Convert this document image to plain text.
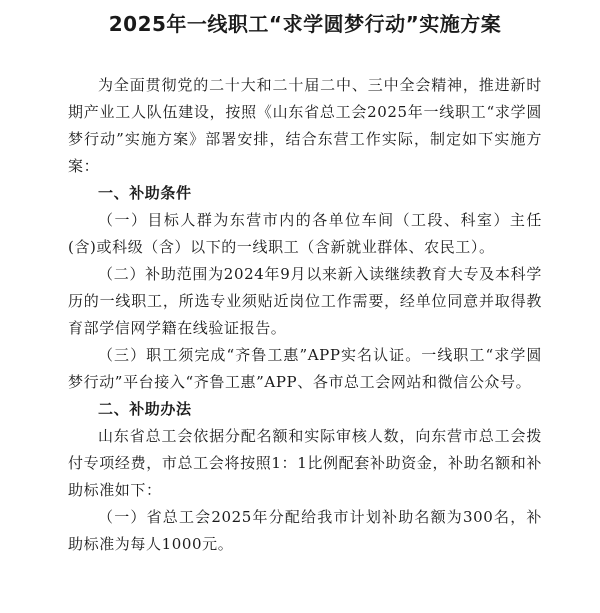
2025年一线职工“求学圆梦行动”实施方案

为全面贯彻党的二十大和二十届二中、三中全会精神，推进新时期产业工人队伍建设，按照《山东省总工会2025年一线职工“求学圆梦行动”实施方案》部署安排，结合东营工作实际，制定如下实施方案：

一、补助条件

（一）目标人群为东营市内的各单位车间（工段、科室）主任(含)或科级（含）以下的一线职工（含新就业群体、农民工）。

（二）补助范围为2024年9月以来新入读继续教育大专及本科学历的一线职工，所选专业须贴近岗位工作需要，经单位同意并取得教育部学信网学籍在线验证报告。

（三）职工须完成“齐鲁工惠”APP实名认证。一线职工“求学圆梦行动”平台接入“齐鲁工惠”APP、各市总工会网站和微信公众号。

二、补助办法

山东省总工会依据分配名额和实际审核人数，向东营市总工会拨付专项经费，市总工会将按照1：1比例配套补助资金，补助名额和补助标准如下：

（一）省总工会2025年分配给我市计划补助名额为300名，补助标准为每人1000元。
